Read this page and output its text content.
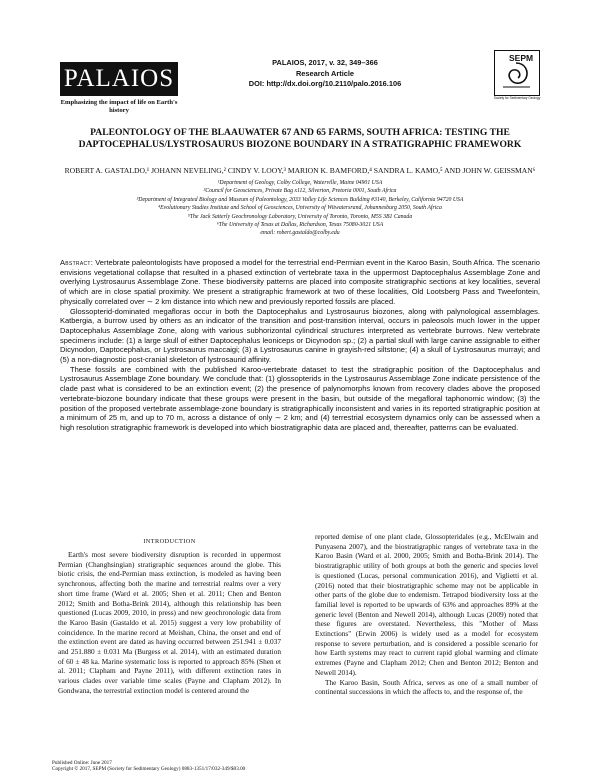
PALAIOS
Emphasizing the impact of life on Earth's history
PALAIOS, 2017, v. 32, 349–366
Research Article
DOI: http://dx.doi.org/10.2110/palo.2016.106
SEPM
Society for Sedimentary Geology
PALEONTOLOGY OF THE BLAAUWATER 67 AND 65 FARMS, SOUTH AFRICA: TESTING THE
DAPTOCEPHALUS/LYSTROSAURUS BIOZONE BOUNDARY IN A STRATIGRAPHIC FRAMEWORK
ROBERT A. GASTALDO,¹ JOHANN NEVELING,² CINDY V. LOOY,³ MARION K. BAMFORD,⁴ SANDRA L. KAMO,⁵ AND JOHN W. GEISSMAN⁶
¹Department of Geology, Colby College, Waterville, Maine 04901 USA
²Council for Geosciences, Private Bag x112, Silverton, Pretoria 0001, South Africa
³Department of Integrated Biology and Museum of Paleontology, 2033 Valley Life Sciences Building #3140, Berkeley, California 94720 USA
⁴Evolutionary Studies Institute and School of Geosciences, University of Witwatersrand, Johannesburg 2050, South Africa
⁵The Jack Satterly Geochronology Laboratory, University of Toronto, Toronto, M5S 3B1 Canada
⁶The University of Texas at Dallas, Richardson, Texas 75080-3021 USA
email: robert.gastaldo@colby.edu

Abstract: Vertebrate paleontologists have proposed a model for the terrestrial end-Permian event in the Karoo Basin, South Africa. The scenario envisions vegetational collapse that resulted in a phased extinction of vertebrate taxa in the uppermost Daptocephalus Assemblage Zone and overlying Lystrosaurus Assemblage Zone. These biodiversity patterns are placed into composite stratigraphic sections at key localities, several of which are in close spatial proximity. We present a stratigraphic framework at two of these localities, Old Lootsberg Pass and Tweefontein, physically correlated over ∼ 2 km distance into which new and previously reported fossils are placed.

Glossopterid-dominated megafloras occur in both the Daptocephalus and Lystrosaurus biozones, along with palynological assemblages. Katbergia, a burrow used by others as an indicator of the transition and post-transition interval, occurs in paleosols much lower in the upper Daptocephalus Assemblage Zone, along with various subhorizontal cylindrical structures interpreted as vertebrate burrows. New vertebrate specimens include: (1) a large skull of either Daptocephalus leoniceps or Dicynodon sp.; (2) a partial skull with large canine assignable to either Dicynodon, Daptocephalus, or Lystrosaurus maccaigi; (3) a Lystrosaurus canine in grayish-red siltstone; (4) a skull of Lystrosaurus murrayi; and (5) a non-diagnostic post-cranial skeleton of lystrosaurid affinity.

These fossils are combined with the published Karoo-vertebrate dataset to test the stratigraphic position of the Daptocephalus and Lystrosaurus Assemblage Zone boundary. We conclude that: (1) glossopterids in the Lystrosaurus Assemblage Zone indicate persistence of the clade past what is considered to be an extinction event; (2) the presence of palynomorphs known from recovery clades above the proposed vertebrate-biozone boundary indicate that these groups were present in the basin, but outside of the megafloral taphonomic window; (3) the position of the proposed vertebrate assemblage-zone boundary is stratigraphically inconsistent and varies in its reported stratigraphic position at a minimum of 25 m, and up to 70 m, across a distance of only ∼ 2 km; and (4) terrestrial ecosystem dynamics only can be assessed when a high resolution stratigraphic framework is developed into which biostratigraphic data are placed and, thereafter, patterns can be evaluated.

Earth's most severe biodiversity disruption is recorded in uppermost Permian (Changhsingian) stratigraphic sequences around the globe. This biotic crisis, the end-Permian mass extinction, is modeled as having been synchronous, affecting both the marine and terrestrial realms over a very short time frame (Ward et al. 2005; Shen et al. 2011; Chen and Benton 2012; Smith and Botha-Brink 2014), although this relationship has been questioned (Lucas 2009, 2010, in press) and new geochronologic data from the Karoo Basin (Gastaldo et al. 2015) suggest a very low probability of coincidence. In the marine record at Meishan, China, the onset and end of the extinction event are dated as having occurred between 251.941 ± 0.037 and 251.880 ± 0.031 Ma (Burgess et al. 2014), with an estimated duration of 60 ± 48 ka. Marine systematic loss is reported to approach 85% (Shen et al. 2011; Clapham and Payne 2011), with different extinction rates in various clades over variable time scales (Payne and Clapham 2012). In Gondwana, the terrestrial extinction model is centered around the

INTRODUCTION

reported demise of one plant clade, Glossopteridales (e.g., McElwain and Punyasena 2007), and the biostratigraphic ranges of vertebrate taxa in the Karoo Basin (Ward et al. 2000, 2005; Smith and Botha-Brink 2014). The biostratigraphic utility of both groups at both the generic and species level is questioned (Lucas, personal communication 2016), and Viglietti et al. (2016) noted that their biostratigraphic scheme may not be applicable in other parts of the globe due to endemism. Tetrapod biodiversity loss at the familial level is reported to be upwards of 63% and approaches 89% at the generic level (Benton and Newell 2014), although Lucas (2009) noted that these figures are overstated. Nevertheless, this "Mother of Mass Extinctions" (Erwin 2006) is widely used as a model for ecosystem response to severe perturbation, and is considered a possible scenario for how Earth systems may react to current rapid global warming and climate extremes (Payne and Clapham 2012; Chen and Benton 2012; Benton and Newell 2014).

The Karoo Basin, South Africa, serves as one of a small number of continental successions in which the affects to, and the response of, the

Published Online: June 2017
Copyright © 2017, SEPM (Society for Sedimentary Geology) 0883-1351/17/032-349/$03.00
